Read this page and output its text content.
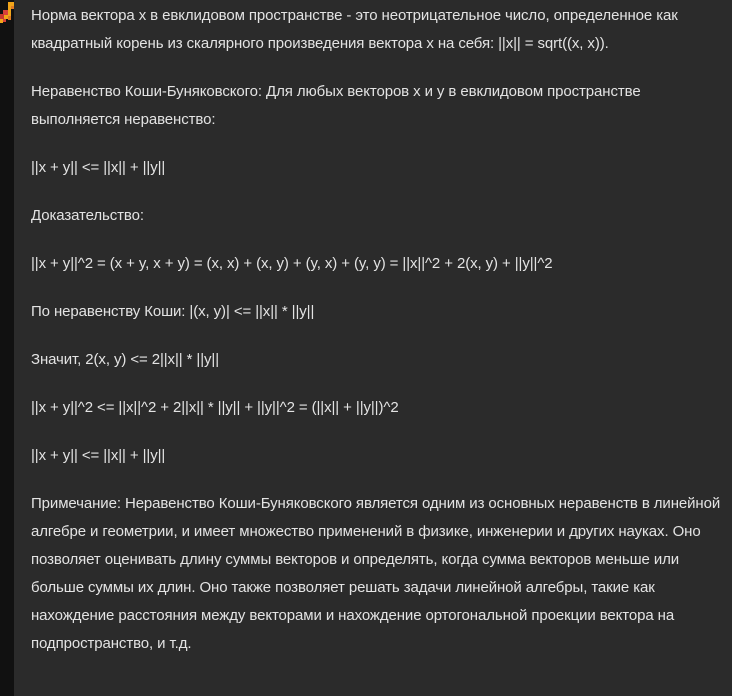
Норма вектора x в евклидовом пространстве - это неотрицательное число, определенное как квадратный корень из скалярного произведения вектора x на себя: ||x|| = sqrt((x, x)).

Неравенство Коши-Буняковского: Для любых векторов x и y в евклидовом пространстве выполняется неравенство:

||x + y|| <= ||x|| + ||y||

Доказательство:

||x + y||^2 = (x + y, x + y) = (x, x) + (x, y) + (y, x) + (y, y) = ||x||^2 + 2(x, y) + ||y||^2

По неравенству Коши: |(x, y)| <= ||x|| * ||y||

Значит, 2(x, y) <= 2||x|| * ||y||

||x + y||^2 <= ||x||^2 + 2||x|| * ||y|| + ||y||^2 = (||x|| + ||y||)^2

||x + y|| <= ||x|| + ||y||

Примечание: Неравенство Коши-Буняковского является одним из основных неравенств в линейной алгебре и геометрии, и имеет множество применений в физике, инженерии и других науках. Оно позволяет оценивать длину суммы векторов и определять, когда сумма векторов меньше или больше суммы их длин. Оно также позволяет решать задачи линейной алгебры, такие как нахождение расстояния между векторами и нахождение ортогональной проекции вектора на подпространство, и т.д.
